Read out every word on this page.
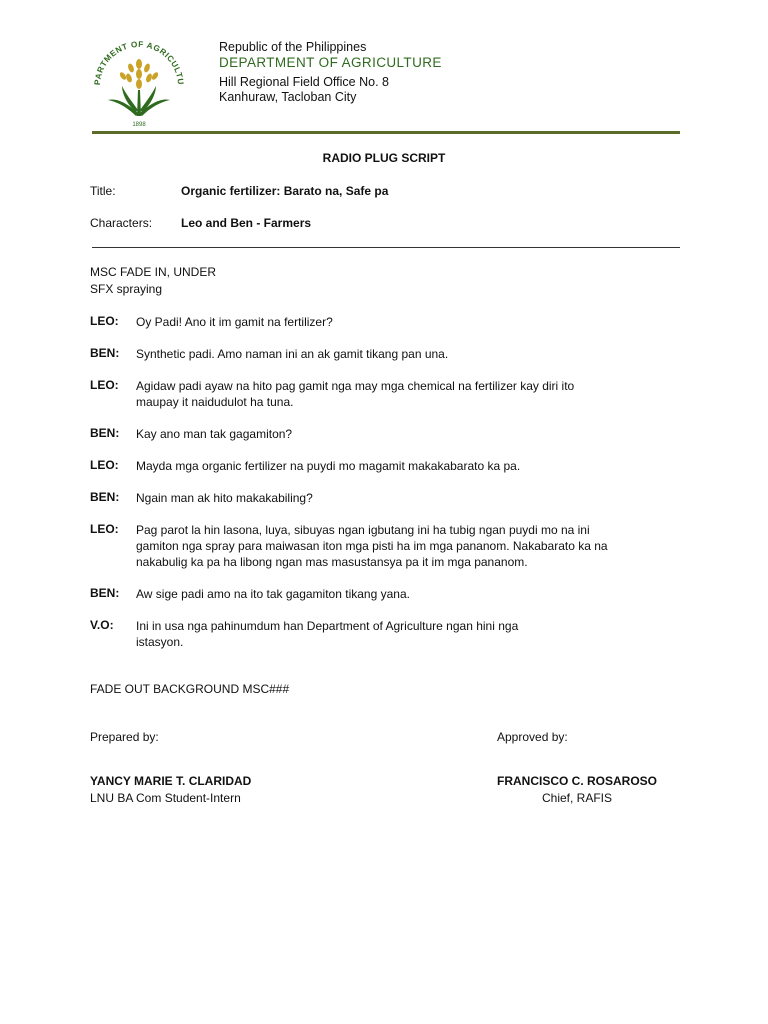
PARTMENT OF AGRICULTU
1898
Republic of the Philippines
DEPARTMENT OF AGRICULTURE
Hill Regional Field Office No. 8
Kanhuraw, Tacloban City
RADIO PLUG SCRIPT
Title:	Organic fertilizer: Barato na, Safe pa
Characters: Leo and Ben - Farmers
MSC FADE IN, UNDER
SFX spraying
LEO: Oy Padi! Ano it im gamit na fertilizer?
BEN: Synthetic padi. Amo naman ini an ak gamit tikang pan una.
LEO: Agidaw padi ayaw na hito pag gamit nga may mga chemical na fertilizer kay diri ito
maupay it naidudulot ha tuna.
BEN: Kay ano man tak gagamiton?
LEO: Mayda mga organic fertilizer na puydi mo magamit makakabarato ka pa.
BEN: Ngain man ak hito makakabiling?
LEO: Pag parot la hin lasona, luya, sibuyas ngan igbutang ini ha tubig ngan puydi mo na ini
gamiton nga spray para maiwasan iton mga pisti ha im mga pananom. Nakabarato ka na
nakabulig ka pa ha libong ngan mas masustansya pa it im mga pananom.
BEN: Aw sige padi amo na ito tak gagamiton tikang yana.
V.O: Ini in usa nga pahinumdum han Department of Agriculture ngan hini nga
istasyon.
FADE OUT BACKGROUND MSC###
Prepared by:	Approved by:
YANCY MARIE T. CLARIDAD
LNU BA Com Student-Intern
FRANCISCO C. ROSAROSO
Chief, RAFIS
